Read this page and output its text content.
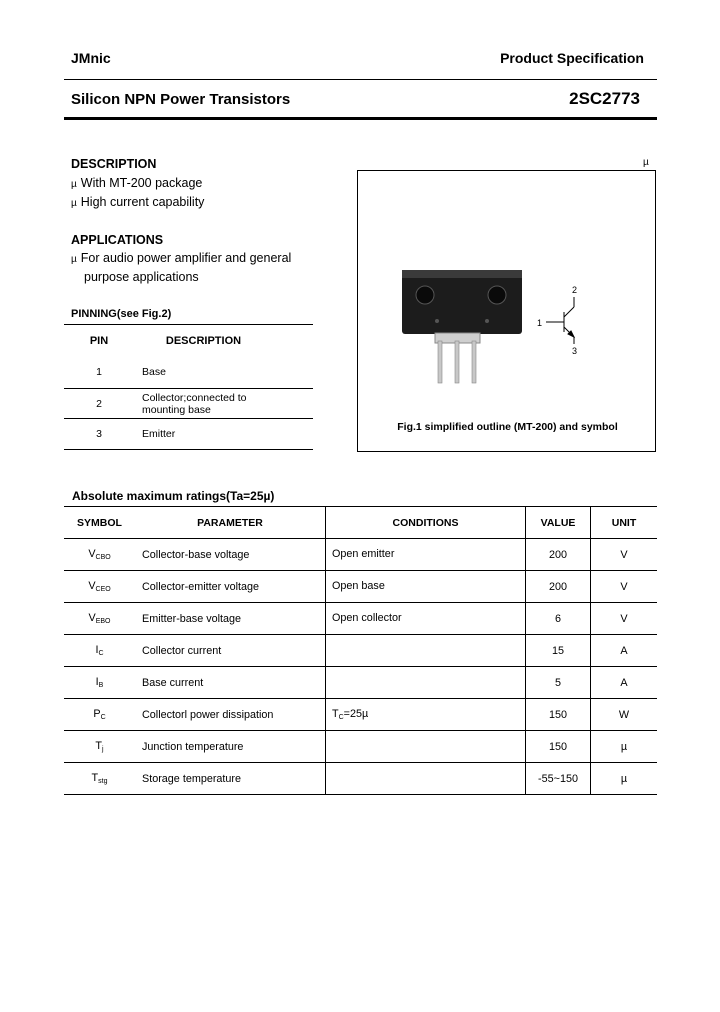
JMnic	Product Specification
Silicon NPN Power Transistors	2SC2773
DESCRIPTION
µ With MT-200 package
µ High current capability
APPLICATIONS
µ For audio power amplifier and general
purpose applications
PINNING(see Fig.2)
PIN	DESCRIPTION
1	Base
2	Collector;connected to
mounting base

3	Emitter
µ
1
2
3
Fig.1 simplified outline (MT-200) and symbol
Absolute maximum ratings(Ta=25µ)
SYMBOL	PARAMETER	CONDITIONS	VALUE	UNIT
$V_{CBO}$	Collector-base voltage	Open emitter	200	V
$V_{CEO}$	Collector-emitter voltage	Open base	200	V
$V_{EBO}$	Emitter-base voltage	Open collector	6	V
$I_C$	Collector current		15	A
$I_B$	Base current		5	A
$P_C$	Collectorl power dissipation	$T_C=25\mu$	150	W
$T_j$	Junction temperature		150	µ
$T_{stg}$	Storage temperature		-55~150	µ
